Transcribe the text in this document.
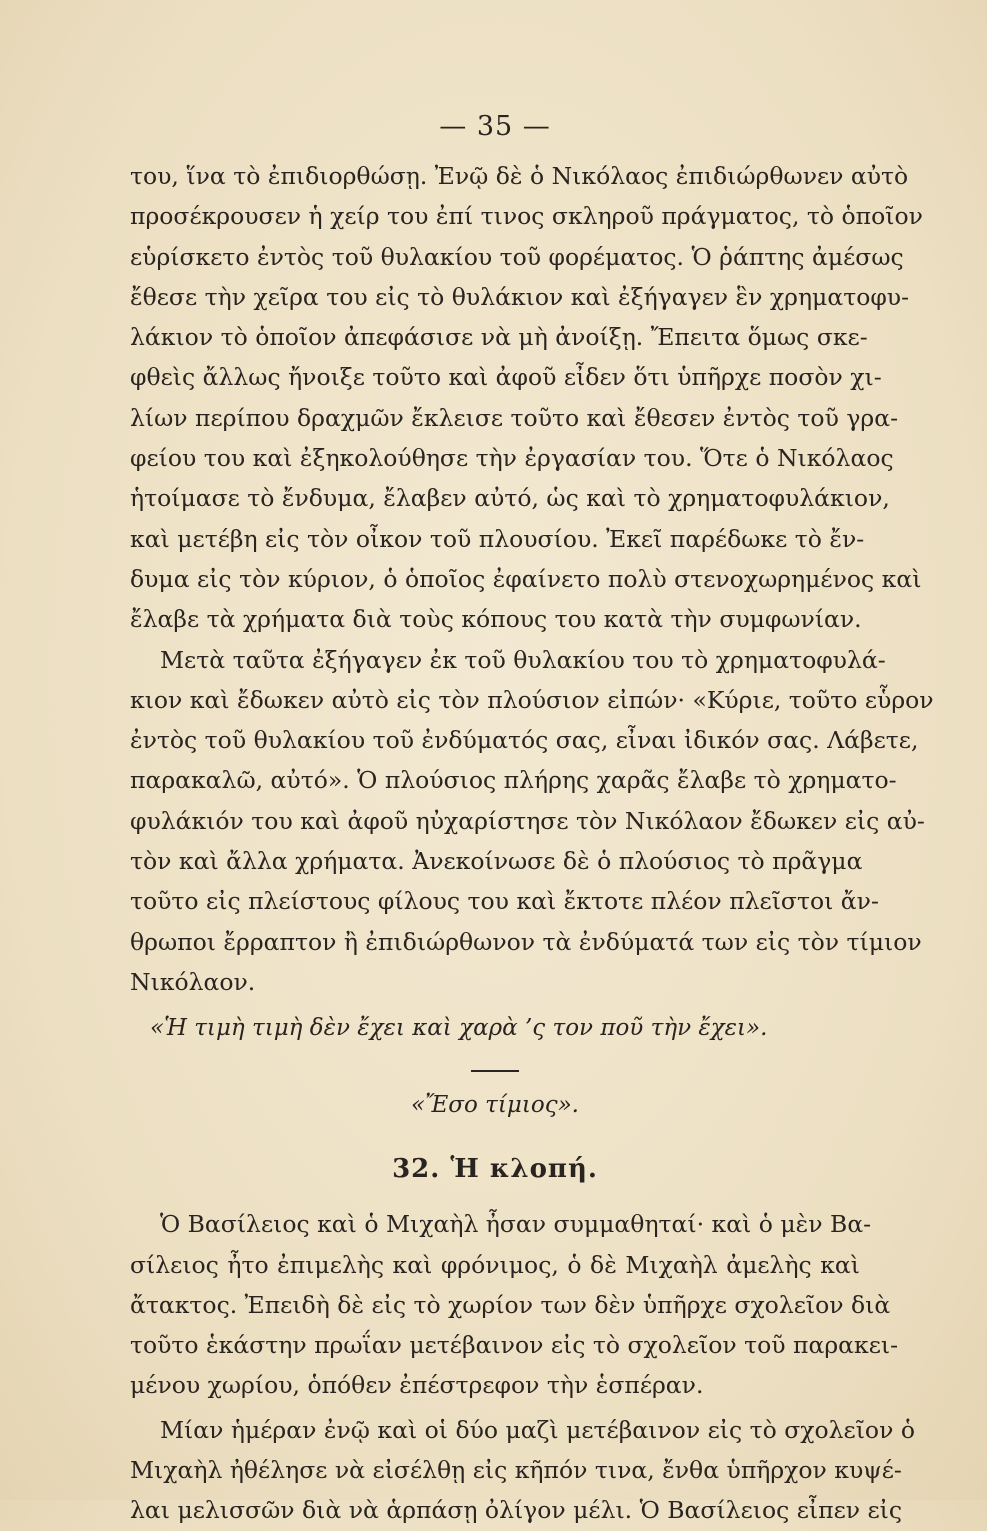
— 35 —
του, ἵνα τὸ ἐπιδιορθώσῃ. Ἐνῷ δὲ ὁ Νικόλαος ἐπιδιώρθωνεν αὐτὸ
προσέκρουσεν ἡ χείρ του ἐπί τινος σκληροῦ πράγματος, τὸ ὁποῖον
εὑρίσκετο ἐντὸς τοῦ θυλακίου τοῦ φορέματος. Ὁ ῥάπτης ἀμέσως
ἔθεσε τὴν χεῖρα του εἰς τὸ θυλάκιον καὶ ἐξήγαγεν ἓν χρηματοφυ-
λάκιον τὸ ὁποῖον ἀπεφάσισε νὰ μὴ ἀνοίξῃ. Ἔπειτα ὅμως σκε-
φθεὶς ἄλλως ἤνοιξε τοῦτο καὶ ἀφοῦ εἶδεν ὅτι ὑπῆρχε ποσὸν χι-
λίων περίπου δραχμῶν ἔκλεισε τοῦτο καὶ ἔθεσεν ἐντὸς τοῦ γρα-
φείου του καὶ ἐξηκολούθησε τὴν ἐργασίαν του. Ὅτε ὁ Νικόλαος
ἡτοίμασε τὸ ἔνδυμα, ἔλαβεν αὐτό, ὡς καὶ τὸ χρηματοφυλάκιον,
καὶ μετέβη εἰς τὸν οἶκον τοῦ πλουσίου. Ἐκεῖ παρέδωκε τὸ ἔν-
δυμα εἰς τὸν κύριον, ὁ ὁποῖος ἐφαίνετο πολὺ στενοχωρημένος καὶ
ἔλαβε τὰ χρήματα διὰ τοὺς κόπους του κατὰ τὴν συμφωνίαν.
Μετὰ ταῦτα ἐξήγαγεν ἐκ τοῦ θυλακίου του τὸ χρηματοφυλά-
κιον καὶ ἔδωκεν αὐτὸ εἰς τὸν πλούσιον εἰπών· «Κύριε, τοῦτο εὗρον
ἐντὸς τοῦ θυλακίου τοῦ ἐνδύματός σας, εἶναι ἰδικόν σας. Λάβετε,
παρακαλῶ, αὐτό». Ὁ πλούσιος πλήρης χαρᾶς ἔλαβε τὸ χρηματο-
φυλάκιόν του καὶ ἀφοῦ ηὐχαρίστησε τὸν Νικόλαον ἔδωκεν εἰς αὐ-
τὸν καὶ ἄλλα χρήματα. Ἀνεκοίνωσε δὲ ὁ πλούσιος τὸ πρᾶγμα
τοῦτο εἰς πλείστους φίλους του καὶ ἔκτοτε πλέον πλεῖστοι ἄν-
θρωποι ἔρραπτον ἢ ἐπιδιώρθωνον τὰ ἐνδύματά των εἰς τὸν τίμιον
Νικόλαον.
«Ἡ τιμὴ τιμὴ δὲν ἔχει καὶ χαρὰ ’ς τον ποῦ τὴν ἔχει».
«Ἔσο τίμιος».
32. Ἡ κλοπή.
Ὁ Βασίλειος καὶ ὁ Μιχαὴλ ἦσαν συμμαθηταί· καὶ ὁ μὲν Βα-
σίλειος ἦτο ἐπιμελὴς καὶ φρόνιμος, ὁ δὲ Μιχαὴλ ἀμελὴς καὶ
ἄτακτος. Ἐπειδὴ δὲ εἰς τὸ χωρίον των δὲν ὑπῆρχε σχολεῖον διὰ
τοῦτο ἑκάστην πρωΐαν μετέβαινον εἰς τὸ σχολεῖον τοῦ παρακει-
μένου χωρίου, ὁπόθεν ἐπέστρεφον τὴν ἑσπέραν.
Μίαν ἡμέραν ἐνῷ καὶ οἱ δύο μαζὶ μετέβαινον εἰς τὸ σχολεῖον ὁ
Μιχαὴλ ἠθέλησε νὰ εἰσέλθῃ εἰς κῆπόν τινα, ἔνθα ὑπῆρχον κυψέ-
λαι μελισσῶν διὰ νὰ ἁρπάσῃ ὀλίγον μέλι. Ὁ Βασίλειος εἶπεν εἰς
